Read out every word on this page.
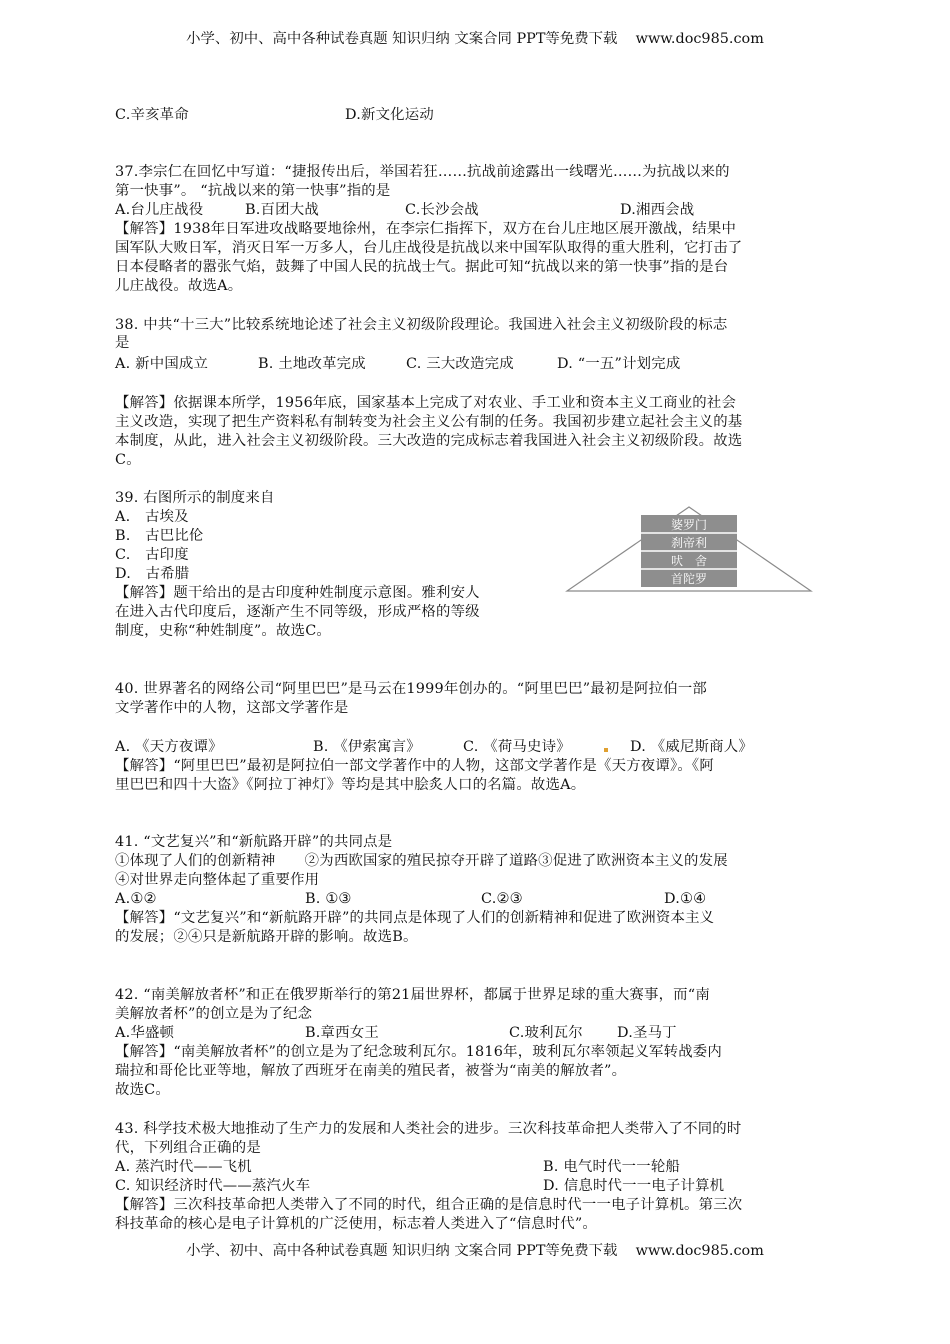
小学、初中、高中各种试卷真题 知识归纳 文案合同 PPT等免费下载    www.doc985.com
C.辛亥革命	D.新文化运动
37.李宗仁在回忆中写道：“捷报传出后，举国若狂……抗战前途露出一线曙光……为抗战以来的
第一快事”。 “抗战以来的第一快事”指的是
A.台儿庄战役	B.百团大战	C.长沙会战	D.湘西会战
【解答】1938年日军进攻战略要地徐州，在李宗仁指挥下，双方在台儿庄地区展开激战，结果中
国军队大败日军，消灭日军一万多人，台儿庄战役是抗战以来中国军队取得的重大胜利，它打击了
日本侵略者的嚣张气焰，鼓舞了中国人民的抗战士气。据此可知“抗战以来的第一快事”指的是台
儿庄战役。故选A。
38. 中共“十三大”比较系统地论述了社会主义初级阶段理论。我国进入社会主义初级阶段的标志
是
A. 新中国成立	B. 土地改革完成	C. 三大改造完成	D. “一五”计划完成
【解答】依据课本所学，1956年底，国家基本上完成了对农业、手工业和资本主义工商业的社会
主义改造，实现了把生产资料私有制转变为社会主义公有制的任务。我国初步建立起社会主义的基
本制度，从此，进入社会主义初级阶段。三大改造的完成标志着我国进入社会主义初级阶段。故选
C。
39. 右图所示的制度来自
A.　古埃及
B.　古巴比伦
C.　古印度
D.　古希腊
【解答】题干给出的是古印度种姓制度示意图。雅利安人
在进入古代印度后，逐渐产生不同等级，形成严格的等级
制度，史称“种姓制度”。故选C。
婆罗门
刹帝利
吠　舍
首陀罗
40. 世界著名的网络公司“阿里巴巴”是马云在1999年创办的。“阿里巴巴”最初是阿拉伯一部
文学著作中的人物，这部文学著作是
A. 《天方夜谭》	B. 《伊索寓言》	C. 《荷马史诗》	D. 《威尼斯商人》
【解答】“阿里巴巴”最初是阿拉伯一部文学著作中的人物，这部文学著作是《天方夜谭》。《阿
里巴巴和四十大盗》《阿拉丁神灯》等均是其中脍炙人口的名篇。故选A。
41. “文艺复兴”和“新航路开辟”的共同点是
①体现了人们的创新精神　　②为西欧国家的殖民掠夺开辟了道路③促进了欧洲资本主义的发展
④对世界走向整体起了重要作用
A.①②	B. ①③	C.②③	D.①④
【解答】“文艺复兴”和“新航路开辟”的共同点是体现了人们的创新精神和促进了欧洲资本主义
的发展；②④只是新航路开辟的影响。故选B。
42. “南美解放者杯”和正在俄罗斯举行的第21届世界杯，都属于世界足球的重大赛事，而“南
美解放者杯”的创立是为了纪念
A.华盛顿	B.章西女王	C.玻利瓦尔 D.圣马丁
【解答】“南美解放者杯”的创立是为了纪念玻利瓦尔。1816年，玻利瓦尔率领起义军转战委内
瑞拉和哥伦比亚等地，解放了西班牙在南美的殖民者，被誉为“南美的解放者”。
故选C。
43. 科学技术极大地推动了生产力的发展和人类社会的进步。三次科技革命把人类带入了不同的时
代，下列组合正确的是
A. 蒸汽时代——飞机	B. 电气时代一一轮船
C. 知识经济时代——蒸汽火车	D. 信息时代一一电子计算机
【解答】三次科技革命把人类带入了不同的时代，组合正确的是信息时代一一电子计算机。第三次
科技革命的核心是电子计算机的广泛使用，标志着人类进入了“信息时代”。
小学、初中、高中各种试卷真题 知识归纳 文案合同 PPT等免费下载    www.doc985.com
